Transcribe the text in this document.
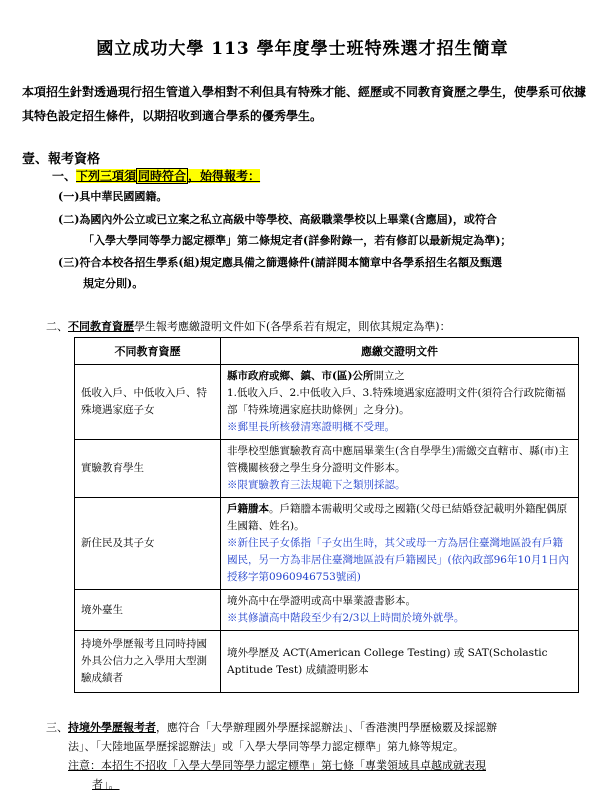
國立成功大學 113 學年度學士班特殊選才招生簡章
本項招生針對透過現行招生管道入學相對不利但具有特殊才能、經歷或不同教育資歷之學生，使學系可依據其特色設定招生條件，以期招收到適合學系的優秀學生。
壹、報考資格
一、下列三項須 同時符合 ，始得報考：
(一)具中華民國國籍。
(二)為國內外公立或已立案之私立高級中等學校、高級職業學校以上畢業(含應屆)，或符合
「入學大學同等學力認定標準」第二條規定者(詳參附錄一，若有修訂以最新規定為準)；
(三)符合本校各招生學系(組)規定應具備之篩選條件(請詳閱本簡章中各學系招生名額及甄選
規定分則)。
二、不同教育資歷學生報考應繳證明文件如下(各學系若有規定，則依其規定為準)：
不同教育資歷	應繳交證明文件
低收入戶、中低收入戶、特殊境遇家庭子女	縣市政府或鄉、鎮、市(區)公所開立之
1.低收入戶、2.中低收入戶、3.特殊境遇家庭證明文件(須符合行政院衛福部「特殊境遇家庭扶助條例」之身分)。
※郵里長所核發清寒證明概不受理。
實驗教育學生	非學校型態實驗教育高中應屆畢業生(含自學學生)需繳交直轄市、縣(市)主管機關核發之學生身分證明文件影本。
※限實驗教育三法規範下之類別採認。
新住民及其子女	戶籍謄本。戶籍謄本需載明父或母之國籍(父母已結婚登記載明外籍配偶原生國籍、姓名)。
※新住民子女係指「子女出生時，其父或母一方為居住臺灣地區設有戶籍國民，另一方為非居住臺灣地區設有戶籍國民」(依內政部96年10月1日內授移字第0960946753號函)
境外臺生	境外高中在學證明或高中畢業證書影本。
※其修讀高中階段至少有2/3以上時間於境外就學。
持境外學歷報考且同時持國外具公信力之入學用大型測驗成績者	境外學歷及 ACT(American College Testing) 或 SAT(Scholastic Aptitude Test) 成績證明影本
三、持境外學歷報考者，應符合「大學辦理國外學歷採認辦法」、「香港澳門學歷檢覈及採認辦
法」、「大陸地區學歷採認辦法」或「入學大學同等學力認定標準」第九條等規定。
注意：本招生不招收「入學大學同等學力認定標準」第七條「專業領域具卓越成就表現
者」。
